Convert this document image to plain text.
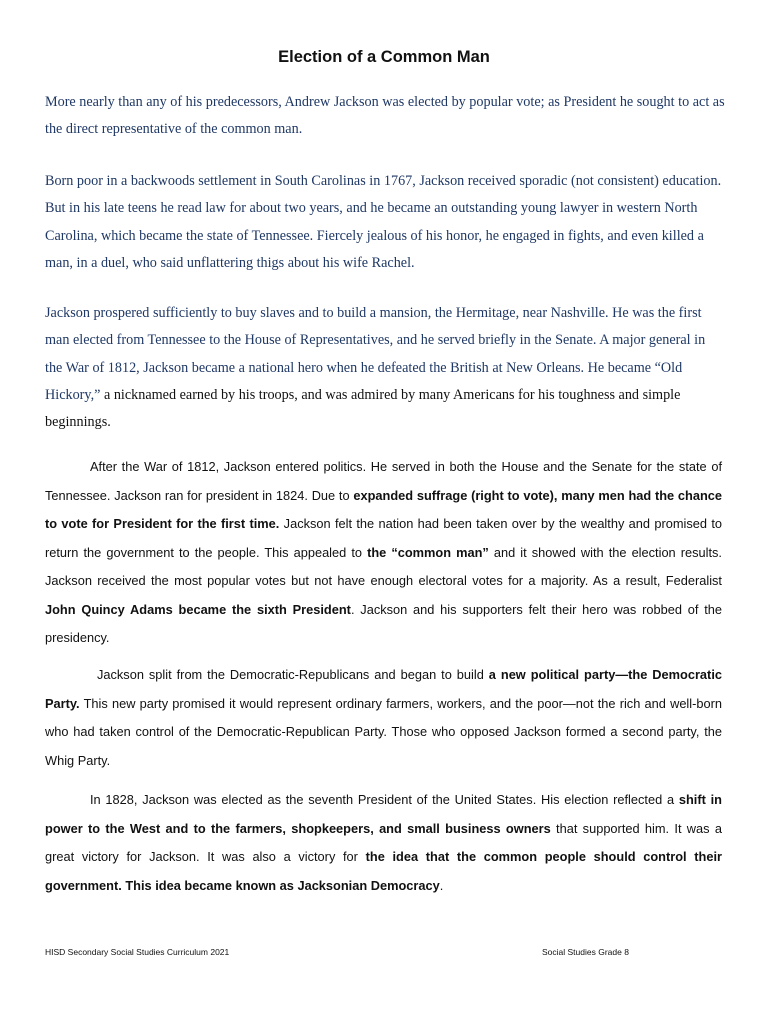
Election of a Common Man
More nearly than any of his predecessors, Andrew Jackson was elected by popular vote; as President he sought to act as the direct representative of the common man.
Born poor in a backwoods settlement in South Carolinas in 1767, Jackson received sporadic (not consistent) education. But in his late teens he read law for about two years, and he became an outstanding young lawyer in western North Carolina, which became the state of Tennessee. Fiercely jealous of his honor, he engaged in fights, and even killed a man, in a duel, who said unflattering thigs about his wife Rachel.
Jackson prospered sufficiently to buy slaves and to build a mansion, the Hermitage, near Nashville. He was the first man elected from Tennessee to the House of Representatives, and he served briefly in the Senate. A major general in the War of 1812, Jackson became a national hero when he defeated the British at New Orleans. He became “Old Hickory,” a nicknamed earned by his troops, and was admired by many Americans for his toughness and simple beginnings.
After the War of 1812, Jackson entered politics. He served in both the House and the Senate for the state of Tennessee. Jackson ran for president in 1824. Due to expanded suffrage (right to vote), many men had the chance to vote for President for the first time. Jackson felt the nation had been taken over by the wealthy and promised to return the government to the people. This appealed to the “common man” and it showed with the election results. Jackson received the most popular votes but not have enough electoral votes for a majority. As a result, Federalist John Quincy Adams became the sixth President. Jackson and his supporters felt their hero was robbed of the presidency.
Jackson split from the Democratic-Republicans and began to build a new political party—the Democratic Party. This new party promised it would represent ordinary farmers, workers, and the poor—not the rich and well-born who had taken control of the Democratic-Republican Party. Those who opposed Jackson formed a second party, the Whig Party.
In 1828, Jackson was elected as the seventh President of the United States. His election reflected a shift in power to the West and to the farmers, shopkeepers, and small business owners that supported him. It was a great victory for Jackson. It was also a victory for the idea that the common people should control their government. This idea became known as Jacksonian Democracy.
HISD Secondary Social Studies Curriculum 2021	Social Studies Grade 8
